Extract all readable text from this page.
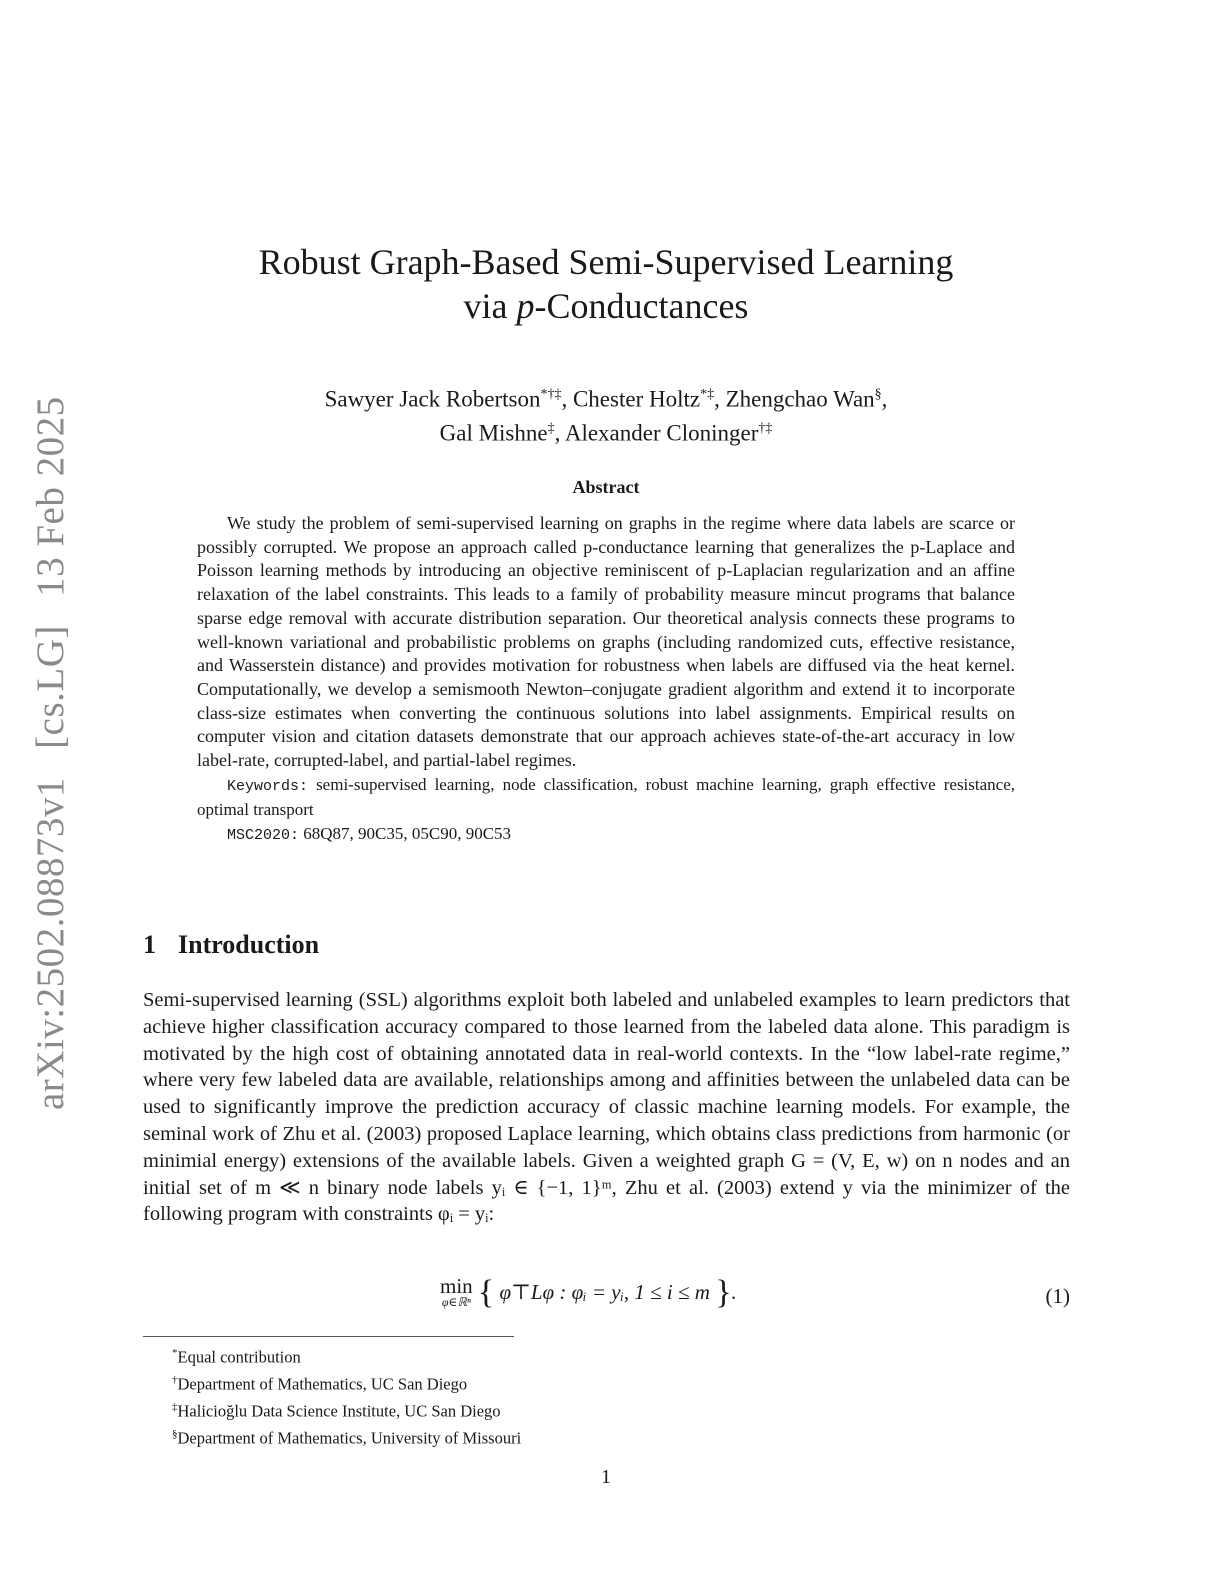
arXiv:2502.08873v1 [cs.LG] 13 Feb 2025
Robust Graph-Based Semi-Supervised Learning
via p-Conductances
Sawyer Jack Robertson*†‡, Chester Holtz*‡, Zhengchao Wan§,
Gal Mishne‡, Alexander Cloninger†‡
Abstract

We study the problem of semi-supervised learning on graphs in the regime where data labels are scarce or possibly corrupted. We propose an approach called p-conductance learning that generalizes the p-Laplace and Poisson learning methods by introducing an objective reminiscent of p-Laplacian regularization and an affine relaxation of the label constraints. This leads to a family of probability measure mincut programs that balance sparse edge removal with accurate distribution separation. Our theoretical analysis connects these programs to well-known variational and probabilistic problems on graphs (including randomized cuts, effective resistance, and Wasserstein distance) and provides motivation for robustness when labels are diffused via the heat kernel. Computationally, we develop a semismooth Newton–conjugate gradient algorithm and extend it to incorporate class-size estimates when converting the continuous solutions into label assignments. Empirical results on computer vision and citation datasets demonstrate that our approach achieves state-of-the-art accuracy in low label-rate, corrupted-label, and partial-label regimes.

Keywords: semi-supervised learning, node classification, robust machine learning, graph effective resistance, optimal transport

MSC2020: 68Q87, 90C35, 05C90, 90C53

1 Introduction

Semi-supervised learning (SSL) algorithms exploit both labeled and unlabeled examples to learn predictors that achieve higher classification accuracy compared to those learned from the labeled data alone. This paradigm is motivated by the high cost of obtaining annotated data in real-world contexts. In the “low label-rate regime,” where very few labeled data are available, relationships among and affinities between the unlabeled data can be used to significantly improve the prediction accuracy of classic machine learning models. For example, the seminal work of Zhu et al. (2003) proposed Laplace learning, which obtains class predictions from harmonic (or minimial energy) extensions of the available labels. Given a weighted graph G = (V, E, w) on n nodes and an initial set of m ≪ n binary node labels yᵢ ∈ {−1, 1}ᵐ, Zhu et al. (2003) extend y via the minimizer of the following program with constraints φᵢ = yᵢ:

min
φ∈ℝⁿ { φ⊤Lφ : φᵢ = yᵢ, 1 ≤ i ≤ m }.	(1)
*Equal contribution
†Department of Mathematics, UC San Diego
‡Halicioğlu Data Science Institute, UC San Diego
§Department of Mathematics, University of Missouri
1
